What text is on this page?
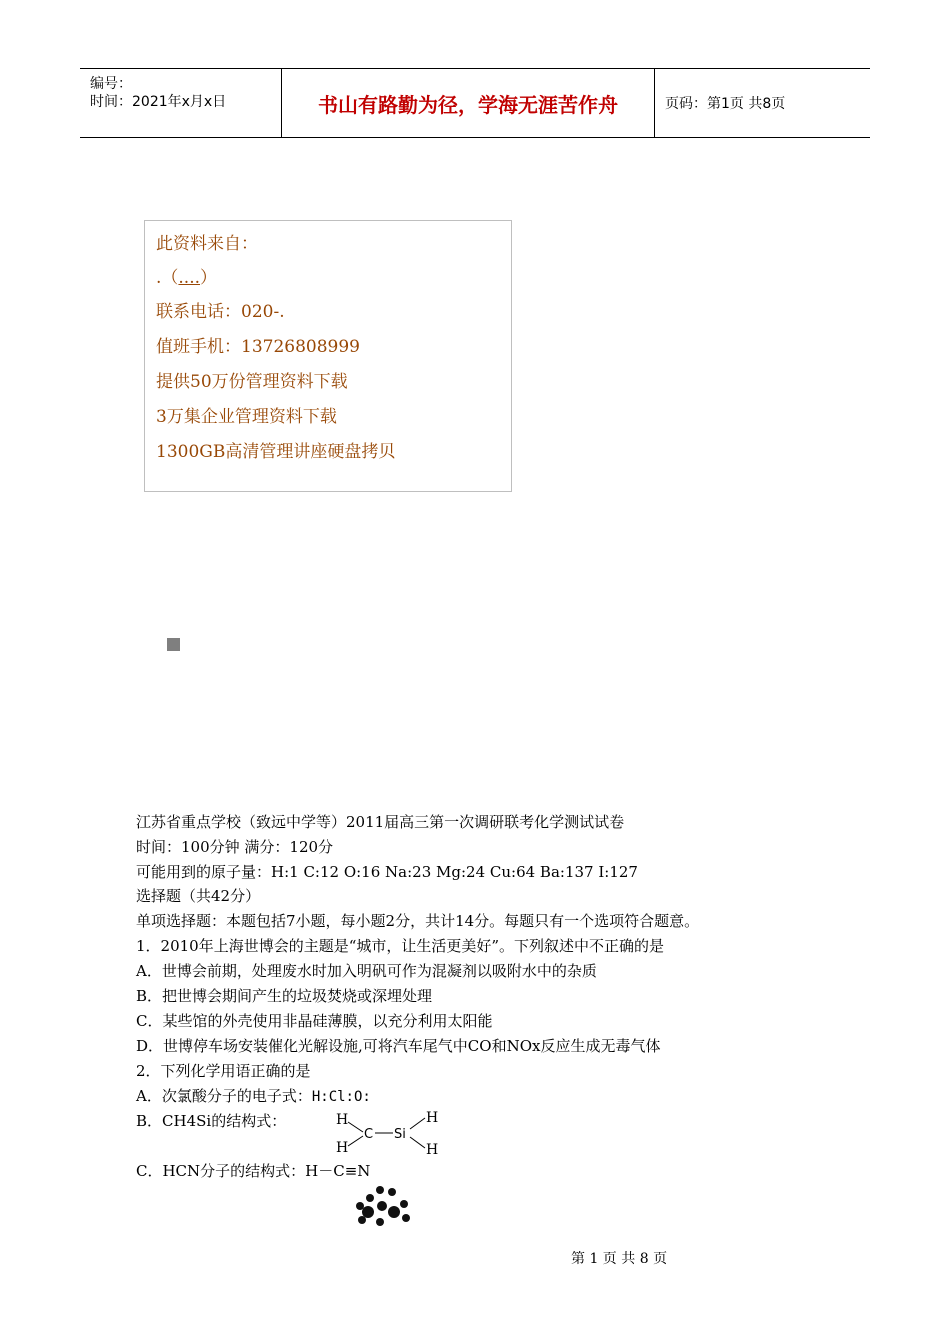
编号：
时间：2021年x月x日	书山有路勤为径，学海无涯苦作舟	页码：第1页 共8页
此资料来自：
.（....）
联系电话：020-.
值班手机：13726808999
提供50万份管理资料下载
3万集企业管理资料下载
1300GB高清管理讲座硬盘拷贝
江苏省重点学校（致远中学等）2011届高三第一次调研联考化学测试试卷
时间：100分钟 满分：120分
可能用到的原子量：H:1 C:12 O:16 Na:23 Mg:24 Cu:64 Ba:137 I:127
选择题（共42分）
单项选择题：本题包括7小题，每小题2分，共计14分。每题只有一个选项符合题意。
1．2010年上海世博会的主题是“城市，让生活更美好”。下列叙述中不正确的是
A．世博会前期，处理废水时加入明矾可作为混凝剂以吸附水中的杂质
B．把世博会期间产生的垃圾焚烧或深埋处理
C．某些馆的外壳使用非晶硅薄膜，以充分利用太阳能
D．世博停车场安装催化光解设施,可将汽车尾气中CO和NOx反应生成无毒气体
2．下列化学用语正确的是
A．次氯酸分子的电子式：H:Cl:O:
B．CH4Si的结构式：	H
H
C Si
H
H
C．HCN分子的结构式：H－C≡N
第 1 页 共 8 页
